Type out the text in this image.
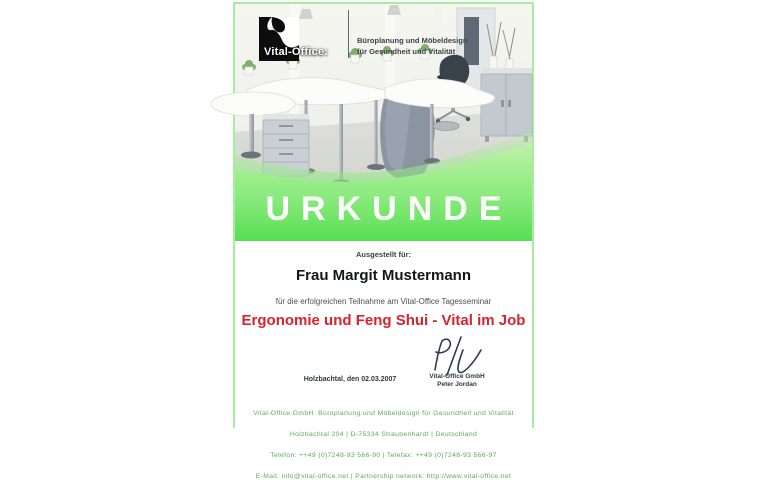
Vital-Office:
Büroplanung und Möbeldesign
für Gesundheit und Vitalität
URKUNDE
Ausgestellt für:
Frau Margit Mustermann
für die erfolgreichen Teilnahme am Vital-Office Tagesseminar
Ergonomie und Feng Shui - Vital im Job
Holzbachtal, den 02.03.2007	Vital-Office GmbH
Peter Jordan

Vital-Office GmbH  Büroplanung und Möbeldesign für Gesundheit und Vitalität

Holzbachtal 204 | D-75334 Straubenhardt | Deutschland

Telefon: ++49 (0)7248-93 566-90 | Telefax: ++49 (0)7248-93 566-97

E-Mail: info@vital-office.net | Partnership network: http://www.vital-office.net
